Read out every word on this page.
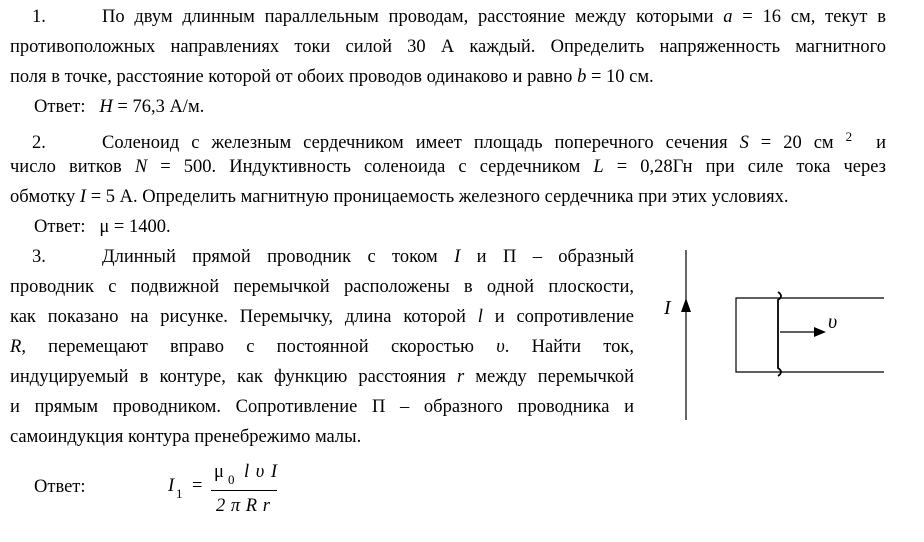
1.	По двум длинным параллельным проводам, расстояние между которыми a = 16 см, текут в
противоположных направлениях токи силой 30 А каждый. Определить напряженность магнитного
поля в точке, расстояние которой от обоих проводов одинаково и равно b = 10 см.
Ответ: H = 76,3 А/м.
2.	Соленоид с железным сердечником имеет площадь поперечного сечения S = 20 см $^2$  и
число витков N = 500. Индуктивность соленоида с сердечником L = 0,28Гн при силе тока через
обмотку I = 5 А. Определить магнитную проницаемость железного сердечника при этих условиях.
Ответ: μ = 1400.
3.	Длинный прямой проводник с током I и П – образный
проводник с подвижной перемычкой расположены в одной плоскости,
как показано на рисунке. Перемычку, длина которой l и сопротивление
R, перемещают вправо с постоянной скоростью υ. Найти ток,
индуцируемый в контуре, как функцию расстояния r между перемычкой
и прямым проводником. Сопротивление П – образного проводника и
самоиндукция контура пренебрежимо малы.
Ответ:	I 1 =
μ 0 l υ I
2 π R r
I
υ
